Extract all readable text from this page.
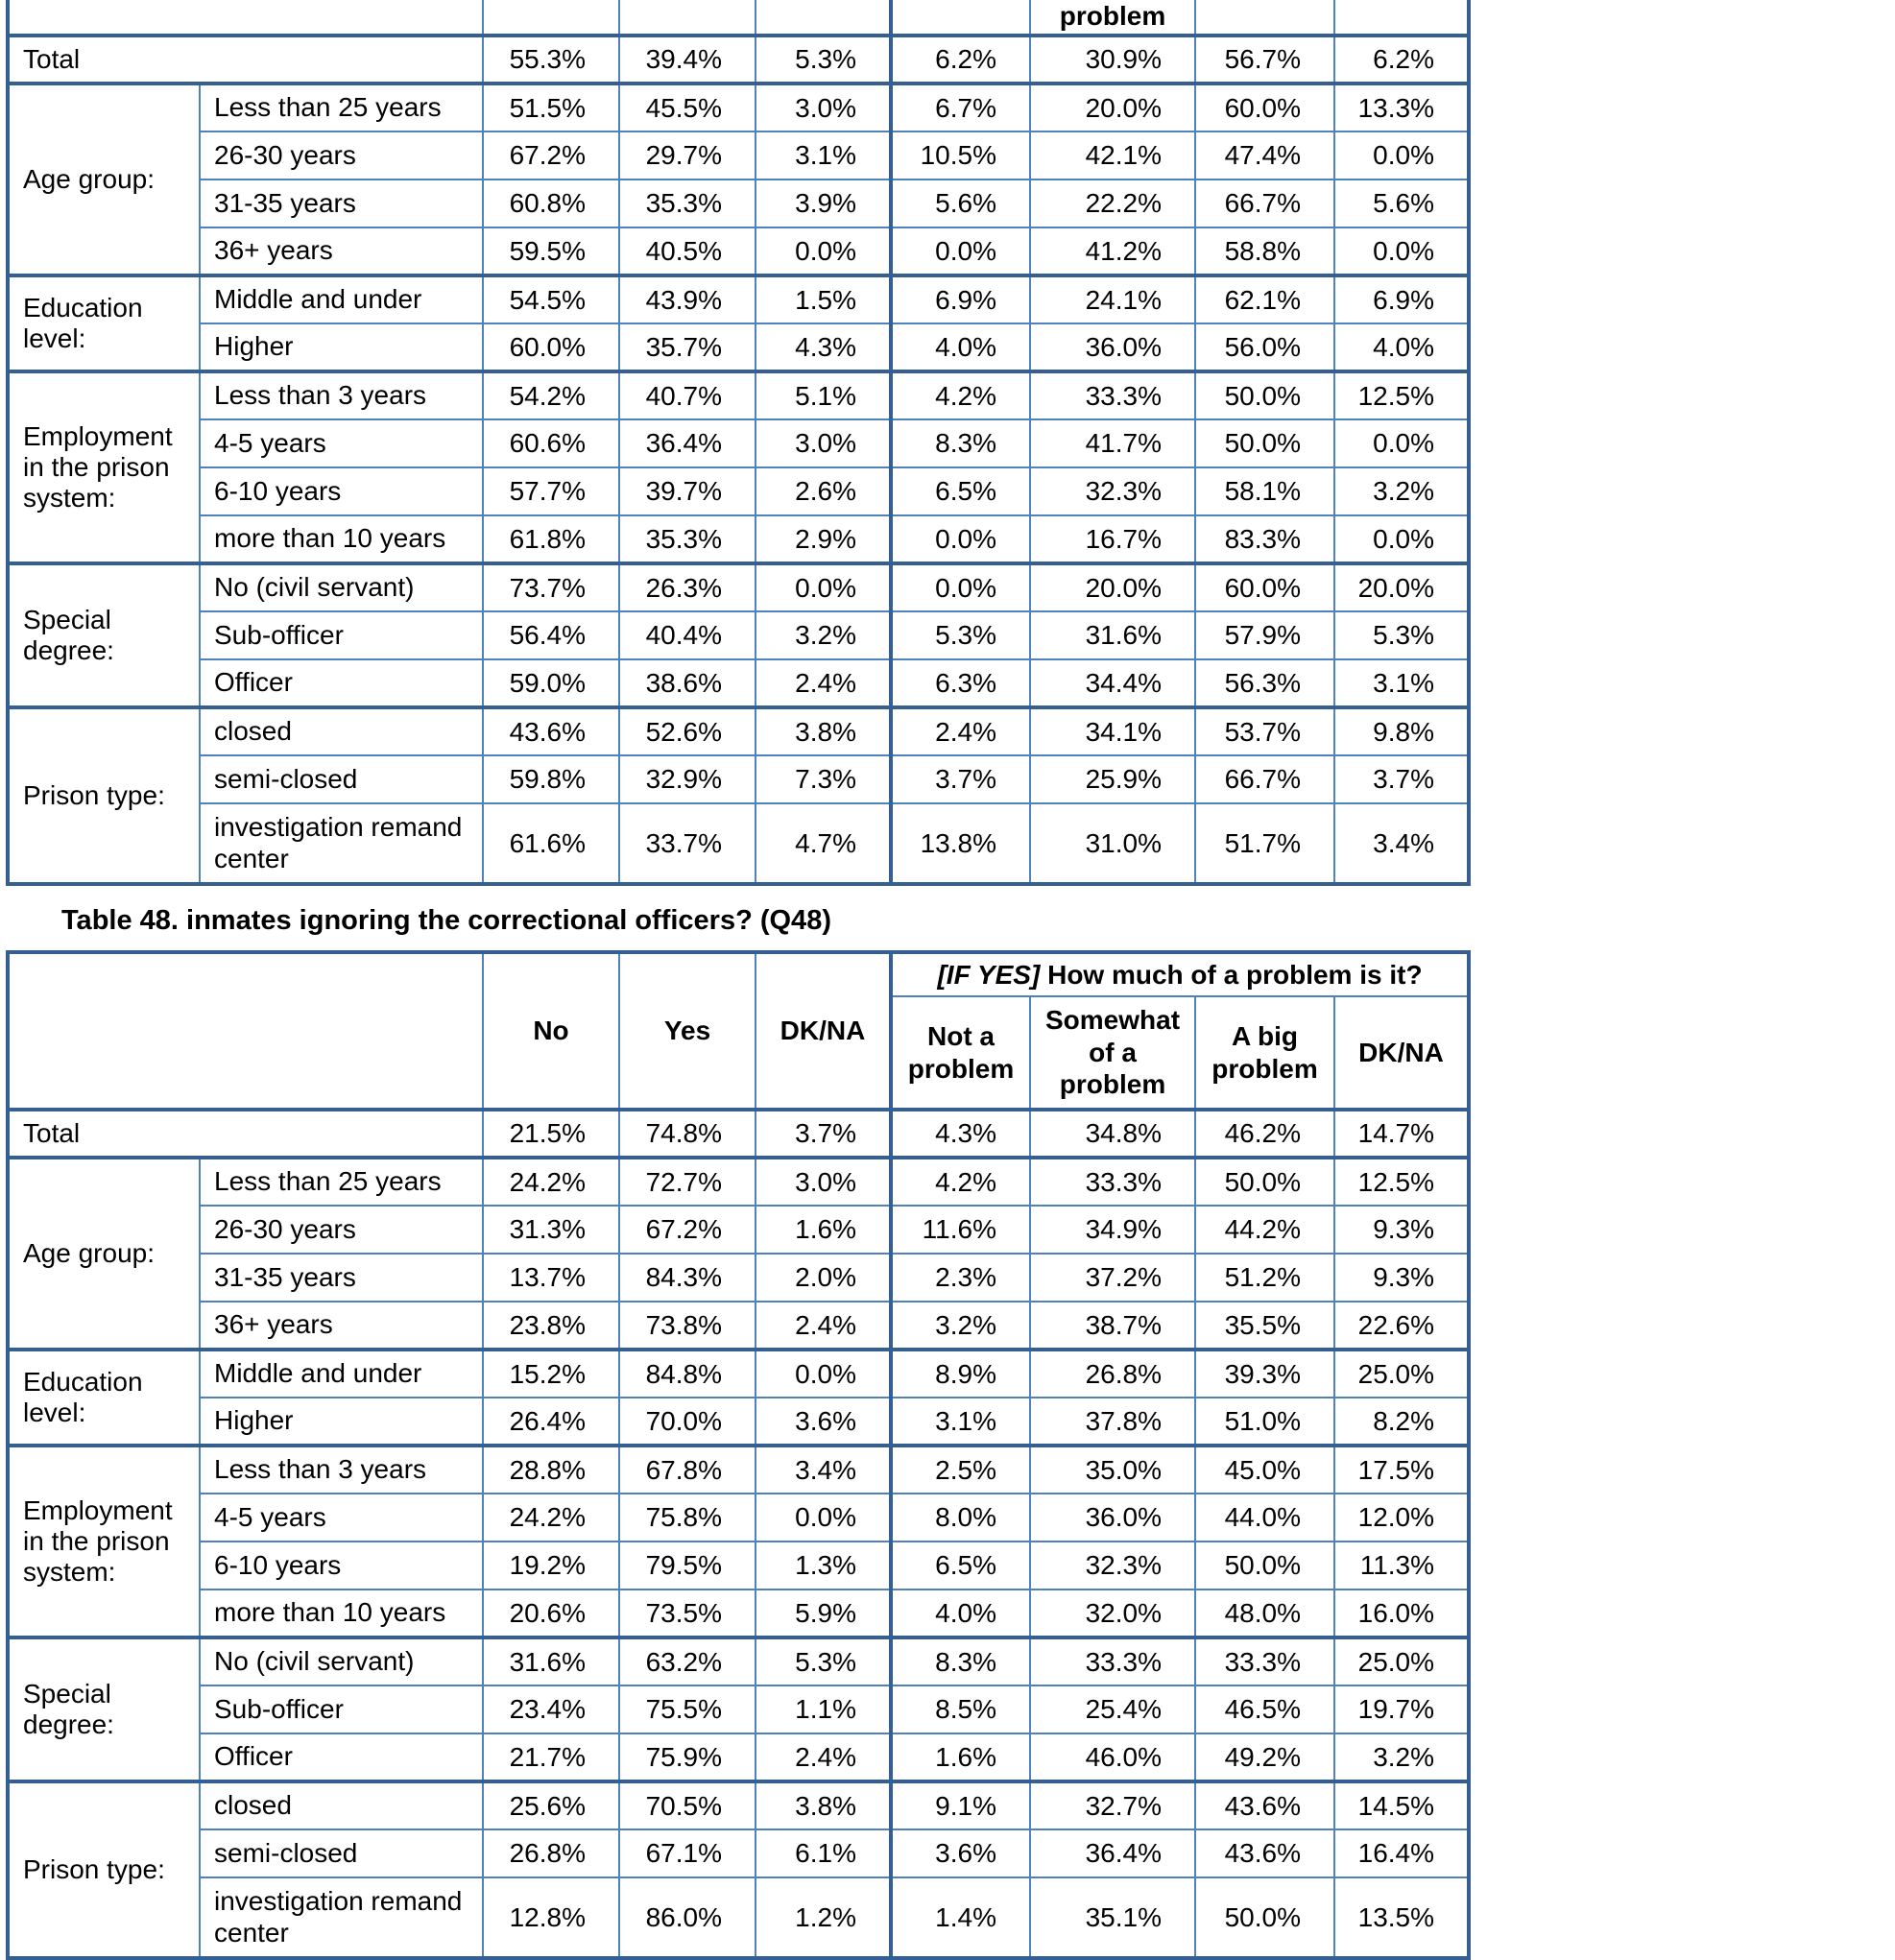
						problem		
Total		55.3%	39.4%	5.3%	6.2%	30.9%	56.7%	6.2%
Age group:	Less than 25 years	51.5%	45.5%	3.0%	6.7%	20.0%	60.0%	13.3%
	26-30 years	67.2%	29.7%	3.1%	10.5%	42.1%	47.4%	0.0%
	31-35 years	60.8%	35.3%	3.9%	5.6%	22.2%	66.7%	5.6%
	36+ years	59.5%	40.5%	0.0%	0.0%	41.2%	58.8%	0.0%
Education level:	Middle and under	54.5%	43.9%	1.5%	6.9%	24.1%	62.1%	6.9%
	Higher	60.0%	35.7%	4.3%	4.0%	36.0%	56.0%	4.0%
Employment in the prison system:	Less than 3 years	54.2%	40.7%	5.1%	4.2%	33.3%	50.0%	12.5%
	4-5 years	60.6%	36.4%	3.0%	8.3%	41.7%	50.0%	0.0%
	6-10 years	57.7%	39.7%	2.6%	6.5%	32.3%	58.1%	3.2%
	more than 10 years	61.8%	35.3%	2.9%	0.0%	16.7%	83.3%	0.0%
Special degree:	No (civil servant)	73.7%	26.3%	0.0%	0.0%	20.0%	60.0%	20.0%
	Sub-officer	56.4%	40.4%	3.2%	5.3%	31.6%	57.9%	5.3%
	Officer	59.0%	38.6%	2.4%	6.3%	34.4%	56.3%	3.1%
Prison type:	closed	43.6%	52.6%	3.8%	2.4%	34.1%	53.7%	9.8%
	semi-closed	59.8%	32.9%	7.3%	3.7%	25.9%	66.7%	3.7%
	investigation remand center	61.6%	33.7%	4.7%	13.8%	31.0%	51.7%	3.4%
Table 48. inmates ignoring the correctional officers? (Q48)
		No	Yes	DK/NA	[IF YES] How much of a problem is it?			
					Not a problem	Somewhat of a problem	A big problem	DK/NA
Total		21.5%	74.8%	3.7%	4.3%	34.8%	46.2%	14.7%
Age group:	Less than 25 years	24.2%	72.7%	3.0%	4.2%	33.3%	50.0%	12.5%
	26-30 years	31.3%	67.2%	1.6%	11.6%	34.9%	44.2%	9.3%
	31-35 years	13.7%	84.3%	2.0%	2.3%	37.2%	51.2%	9.3%
	36+ years	23.8%	73.8%	2.4%	3.2%	38.7%	35.5%	22.6%
Education level:	Middle and under	15.2%	84.8%	0.0%	8.9%	26.8%	39.3%	25.0%
	Higher	26.4%	70.0%	3.6%	3.1%	37.8%	51.0%	8.2%
Employment in the prison system:	Less than 3 years	28.8%	67.8%	3.4%	2.5%	35.0%	45.0%	17.5%
	4-5 years	24.2%	75.8%	0.0%	8.0%	36.0%	44.0%	12.0%
	6-10 years	19.2%	79.5%	1.3%	6.5%	32.3%	50.0%	11.3%
	more than 10 years	20.6%	73.5%	5.9%	4.0%	32.0%	48.0%	16.0%
Special degree:	No (civil servant)	31.6%	63.2%	5.3%	8.3%	33.3%	33.3%	25.0%
	Sub-officer	23.4%	75.5%	1.1%	8.5%	25.4%	46.5%	19.7%
	Officer	21.7%	75.9%	2.4%	1.6%	46.0%	49.2%	3.2%
Prison type:	closed	25.6%	70.5%	3.8%	9.1%	32.7%	43.6%	14.5%
	semi-closed	26.8%	67.1%	6.1%	3.6%	36.4%	43.6%	16.4%
	investigation remand center	12.8%	86.0%	1.2%	1.4%	35.1%	50.0%	13.5%
